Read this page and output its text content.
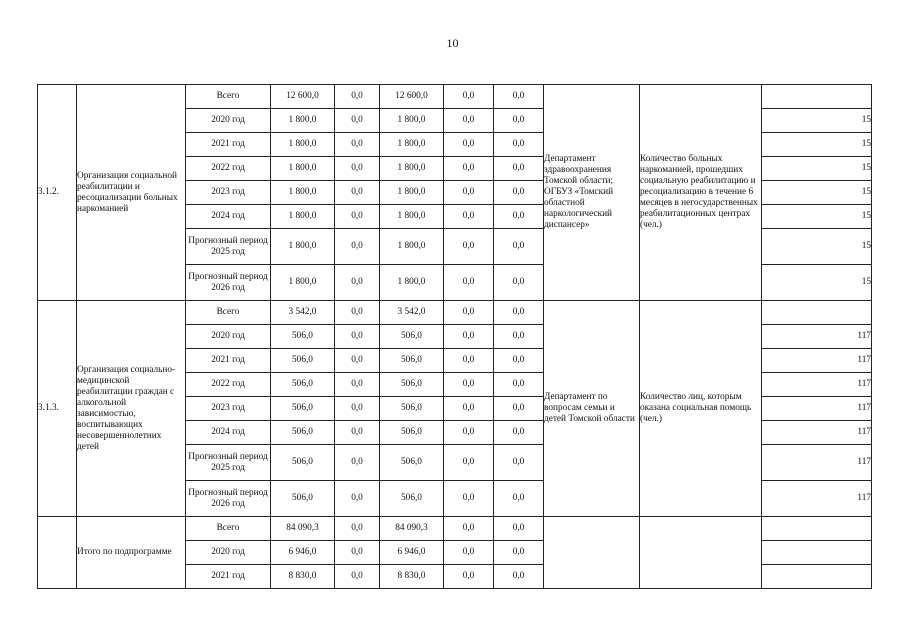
10
3.1.2.	Организация социальной реабилитации и ресоциализации больных наркоманией	Всего	12 600,0	0,0	12 600,0	0,0	0,0	Департамент здравоохранения Томской области; ОГБУЗ «Томский областной наркологический диспансер»	Количество больных наркоманией, прошедших социальную реабилитацию и ресоциализацию в течение 6 месяцев в негосударственных реабилитационных центрах (чел.)	

		2020 год	1 800,0	0,0	1 800,0	0,0	0,0			15

		2021 год	1 800,0	0,0	1 800,0	0,0	0,0			15

		2022 год	1 800,0	0,0	1 800,0	0,0	0,0			15

		2023 год	1 800,0	0,0	1 800,0	0,0	0,0			15

		2024 год	1 800,0	0,0	1 800,0	0,0	0,0			15

		Прогнозный период 2025 год	1 800,0	0,0	1 800,0	0,0	0,0			15

		Прогнозный период 2026 год	1 800,0	0,0	1 800,0	0,0	0,0			15
3.1.3.	Организация социально-медицинской реабилитации граждан с алкогольной зависимостью, воспитывающих несовершеннолетних детей	Всего	3 542,0	0,0	3 542,0	0,0	0,0	Департамент по вопросам семьи и детей Томской области	Количество лиц, которым оказана социальная помощь (чел.)	

		2020 год	506,0	0,0	506,0	0,0	0,0			117

		2021 год	506,0	0,0	506,0	0,0	0,0			117

		2022 год	506,0	0,0	506,0	0,0	0,0			117

		2023 год	506,0	0,0	506,0	0,0	0,0			117

		2024 год	506,0	0,0	506,0	0,0	0,0			117

		Прогнозный период 2025 год	506,0	0,0	506,0	0,0	0,0			117

		Прогнозный период 2026 год	506,0	0,0	506,0	0,0	0,0			117
	Итого по подпрограмме	Всего	84 090,3	0,0	84 090,3	0,0	0,0			

		2020 год	6 946,0	0,0	6 946,0	0,0	0,0			

		2021 год	8 830,0	0,0	8 830,0	0,0	0,0			
